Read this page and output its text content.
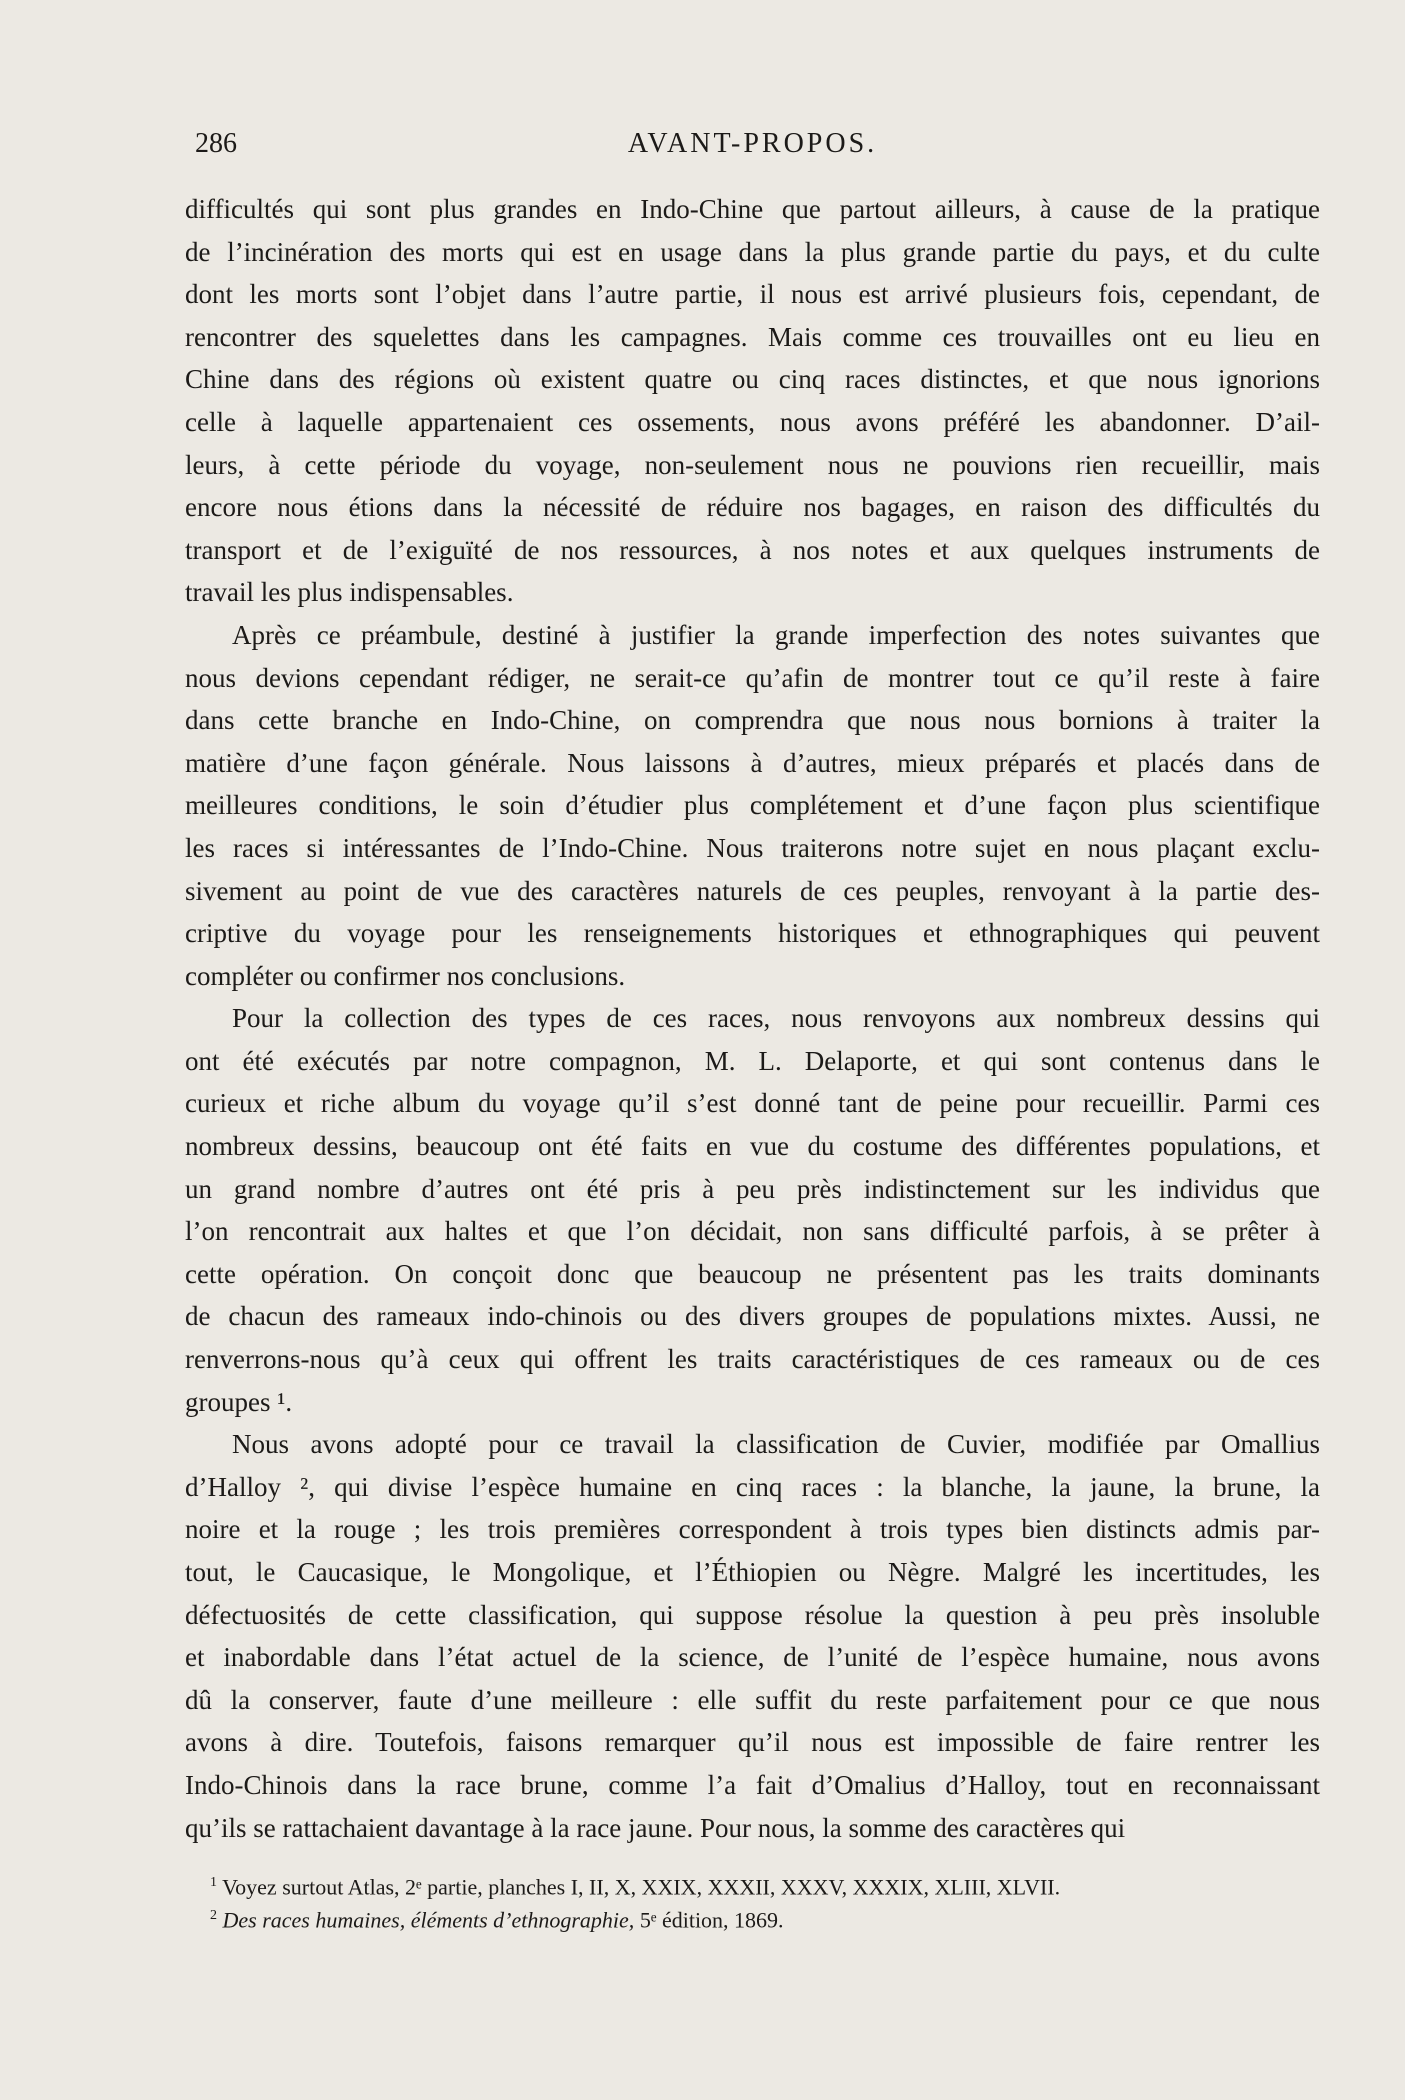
286	AVANT-PROPOS.
difficultés qui sont plus grandes en Indo-Chine que partout ailleurs, à cause de la pratique
de l’incinération des morts qui est en usage dans la plus grande partie du pays, et du culte
dont les morts sont l’objet dans l’autre partie, il nous est arrivé plusieurs fois, cependant, de
rencontrer des squelettes dans les campagnes. Mais comme ces trouvailles ont eu lieu en
Chine dans des régions où existent quatre ou cinq races distinctes, et que nous ignorions
celle à laquelle appartenaient ces ossements, nous avons préféré les abandonner. D’ail-
leurs, à cette période du voyage, non-seulement nous ne pouvions rien recueillir, mais
encore nous étions dans la nécessité de réduire nos bagages, en raison des difficultés du
transport et de l’exiguïté de nos ressources, à nos notes et aux quelques instruments de
travail les plus indispensables.
Après ce préambule, destiné à justifier la grande imperfection des notes suivantes que
nous devions cependant rédiger, ne serait-ce qu’afin de montrer tout ce qu’il reste à faire
dans cette branche en Indo-Chine, on comprendra que nous nous bornions à traiter la
matière d’une façon générale. Nous laissons à d’autres, mieux préparés et placés dans de
meilleures conditions, le soin d’étudier plus complétement et d’une façon plus scientifique
les races si intéressantes de l’Indo-Chine. Nous traiterons notre sujet en nous plaçant exclu-
sivement au point de vue des caractères naturels de ces peuples, renvoyant à la partie des-
criptive du voyage pour les renseignements historiques et ethnographiques qui peuvent
compléter ou confirmer nos conclusions.
Pour la collection des types de ces races, nous renvoyons aux nombreux dessins qui
ont été exécutés par notre compagnon, M. L. Delaporte, et qui sont contenus dans le
curieux et riche album du voyage qu’il s’est donné tant de peine pour recueillir. Parmi ces
nombreux dessins, beaucoup ont été faits en vue du costume des différentes populations, et
un grand nombre d’autres ont été pris à peu près indistinctement sur les individus que
l’on rencontrait aux haltes et que l’on décidait, non sans difficulté parfois, à se prêter à
cette opération. On conçoit donc que beaucoup ne présentent pas les traits dominants
de chacun des rameaux indo-chinois ou des divers groupes de populations mixtes. Aussi, ne
renverrons-nous qu’à ceux qui offrent les traits caractéristiques de ces rameaux ou de ces
groupes ¹.
Nous avons adopté pour ce travail la classification de Cuvier, modifiée par Omallius
d’Halloy ², qui divise l’espèce humaine en cinq races : la blanche, la jaune, la brune, la
noire et la rouge ; les trois premières correspondent à trois types bien distincts admis par-
tout, le Caucasique, le Mongolique, et l’Éthiopien ou Nègre. Malgré les incertitudes, les
défectuosités de cette classification, qui suppose résolue la question à peu près insoluble
et inabordable dans l’état actuel de la science, de l’unité de l’espèce humaine, nous avons
dû la conserver, faute d’une meilleure : elle suffit du reste parfaitement pour ce que nous
avons à dire. Toutefois, faisons remarquer qu’il nous est impossible de faire rentrer les
Indo-Chinois dans la race brune, comme l’a fait d’Omalius d’Halloy, tout en reconnaissant
qu’ils se rattachaient davantage à la race jaune. Pour nous, la somme des caractères qui
$^1$ Voyez surtout Atlas, 2ᵉ partie, planches I, II, X, XXIX, XXXII, XXXV, XXXIX, XLIII, XLVII.
$^2$ Des races humaines, éléments d’ethnographie, 5ᵉ édition, 1869.
